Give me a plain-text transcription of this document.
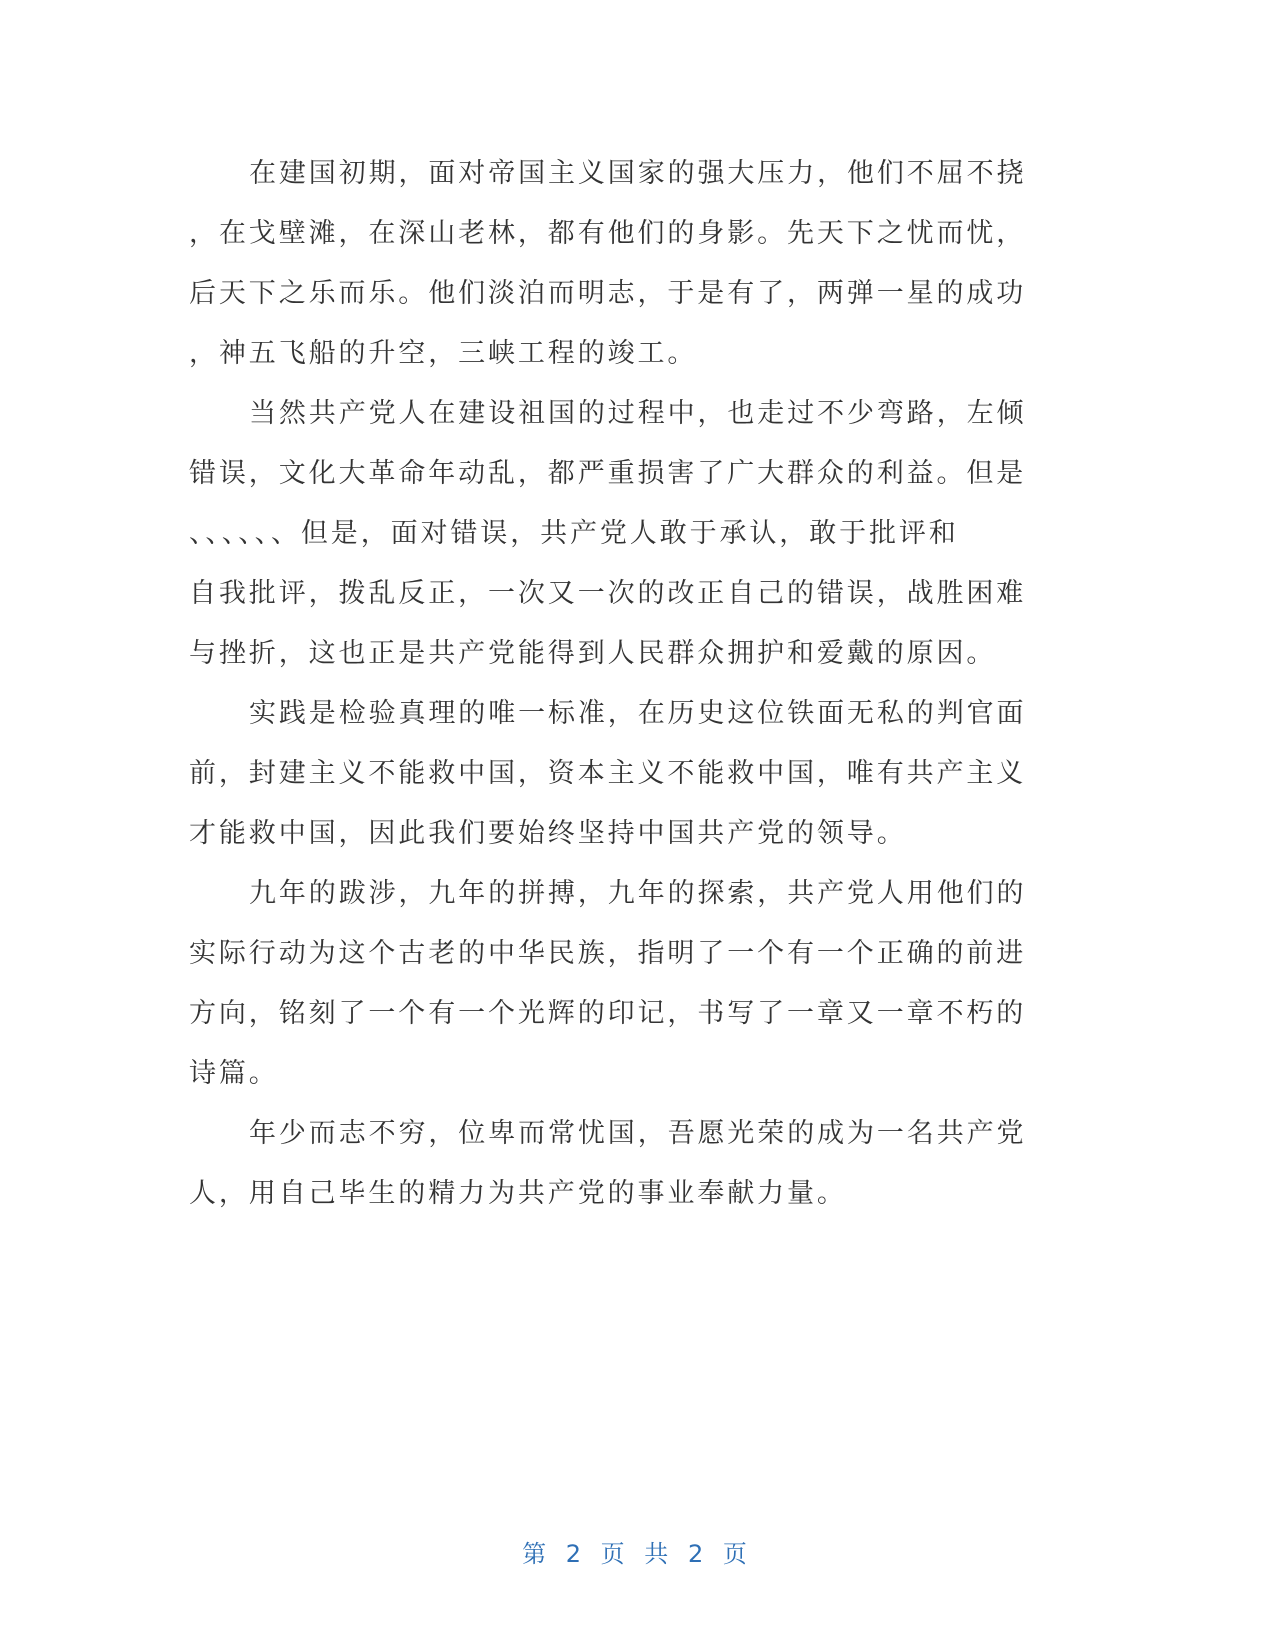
在建国初期，面对帝国主义国家的强大压力，他们不屈不挠
，在戈壁滩，在深山老林，都有他们的身影。先天下之忧而忧，
后天下之乐而乐。他们淡泊而明志，于是有了，两弹一星的成功
，神五飞船的升空，三峡工程的竣工。
当然共产党人在建设祖国的过程中，也走过不少弯路，左倾
错误，文化大革命年动乱，都严重损害了广大群众的利益。但是
、、、、、、但是，面对错误，共产党人敢于承认，敢于批评和
自我批评，拨乱反正，一次又一次的改正自己的错误，战胜困难
与挫折，这也正是共产党能得到人民群众拥护和爱戴的原因。
实践是检验真理的唯一标准，在历史这位铁面无私的判官面
前，封建主义不能救中国，资本主义不能救中国，唯有共产主义
才能救中国，因此我们要始终坚持中国共产党的领导。
九年的跋涉，九年的拼搏，九年的探索，共产党人用他们的
实际行动为这个古老的中华民族，指明了一个有一个正确的前进
方向，铭刻了一个有一个光辉的印记，书写了一章又一章不朽的
诗篇。
年少而志不穷，位卑而常忧国，吾愿光荣的成为一名共产党
人，用自己毕生的精力为共产党的事业奉献力量。
第 2 页 共 2 页
